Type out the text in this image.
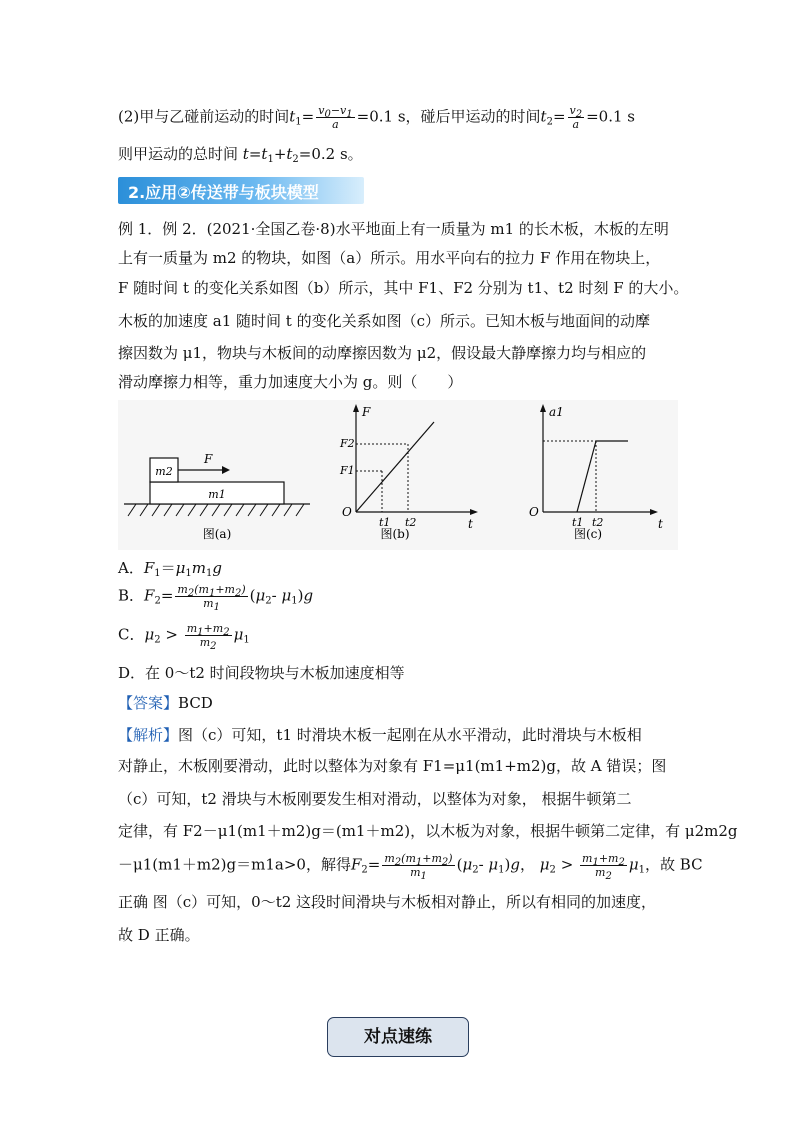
(2)甲与乙碰前运动的时间$t_1= \frac{v_0-v_1}{a} =0.1$ s，碰后甲运动的时间$t_2= \frac{v_2}{a} =0.1$ s
则甲运动的总时间 $t=t_1+t_2=0.2$ s。
2.应用②传送带与板块模型
例 1．例 2．(2021·全国乙卷·8)水平地面上有一质量为 m1 的长木板，木板的左明
上有一质量为 m2 的物块，如图（a）所示。用水平向右的拉力 F 作用在物块上，
F 随时间 t 的变化关系如图（b）所示，其中 F1、F2 分别为 t1、t2 时刻 F 的大小。
木板的加速度 a1 随时间 t 的变化关系如图（c）所示。已知木板与地面间的动摩
擦因数为 μ1，物块与木板间的动摩擦因数为 μ2，假设最大静摩擦力均与相应的
滑动摩擦力相等，重力加速度大小为 g。则（　　）
m1
m2
F
图(a)
F
t
O
F2
F1
t1 t2
图(b)
a1
t
O
t1 t2
图(c)
A．$F_1=\mu_1m_1g$
B．$F_2= \frac{m_2(m_1+m_2)}{m_1} (\mu_2-$ $\mu_1)g$
C．$\mu_2 > \frac{m_1+m_2}{m_2} \mu_1$
D．在 0～t2 时间段物块与木板加速度相等
【答案】BCD
【解析】图（c）可知，t1 时滑块木板一起刚在从水平滑动，此时滑块与木板相
对静止，木板刚要滑动，此时以整体为对象有 F1=μ1(m1+m2)g，故 A 错误；图
（c）可知，t2 滑块与木板刚要发生相对滑动，以整体为对象， 根据牛顿第二
定律，有 F2－μ1(m1＋m2)g＝(m1＋m2)，以木板为对象，根据牛顿第二定律，有 μ2m2g
－μ1(m1＋m2)g＝m1a>0，解得$F_2= \frac{m_2(m_1+m_2)}{m_1} (\mu_2-$ $\mu_1)g$， $\mu_2 > \frac{m_1+m_2}{m_2} \mu_1$，故 BC
正确 图（c）可知，0～t2 这段时间滑块与木板相对静止，所以有相同的加速度，
故 D 正确。
对点速练
